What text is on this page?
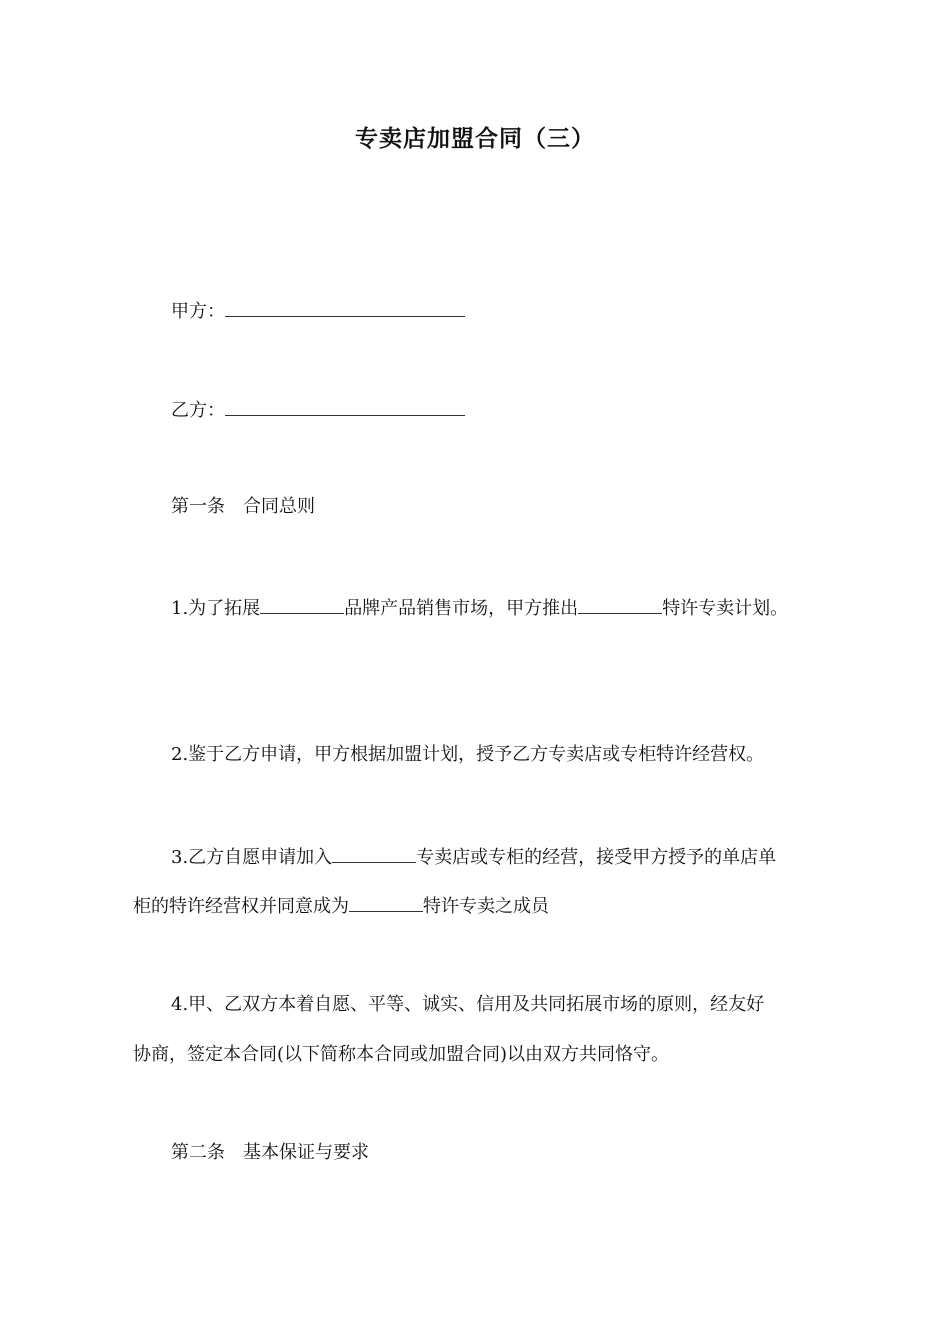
专卖店加盟合同（三）
甲方：
乙方：
第一条　合同总则
1.为了拓展	品牌产品销售市场，甲方推出	特许专卖计划。
2.鉴于乙方申请，甲方根据加盟计划，授予乙方专卖店或专柜特许经营权。
3.乙方自愿申请加入	专卖店或专柜的经营，接受甲方授予的单店单
柜的特许经营权并同意成为	特许专卖之成员
4.甲、乙双方本着自愿、平等、诚实、信用及共同拓展市场的原则，经友好
协商，签定本合同(以下简称本合同或加盟合同)以由双方共同恪守。
第二条　基本保证与要求
